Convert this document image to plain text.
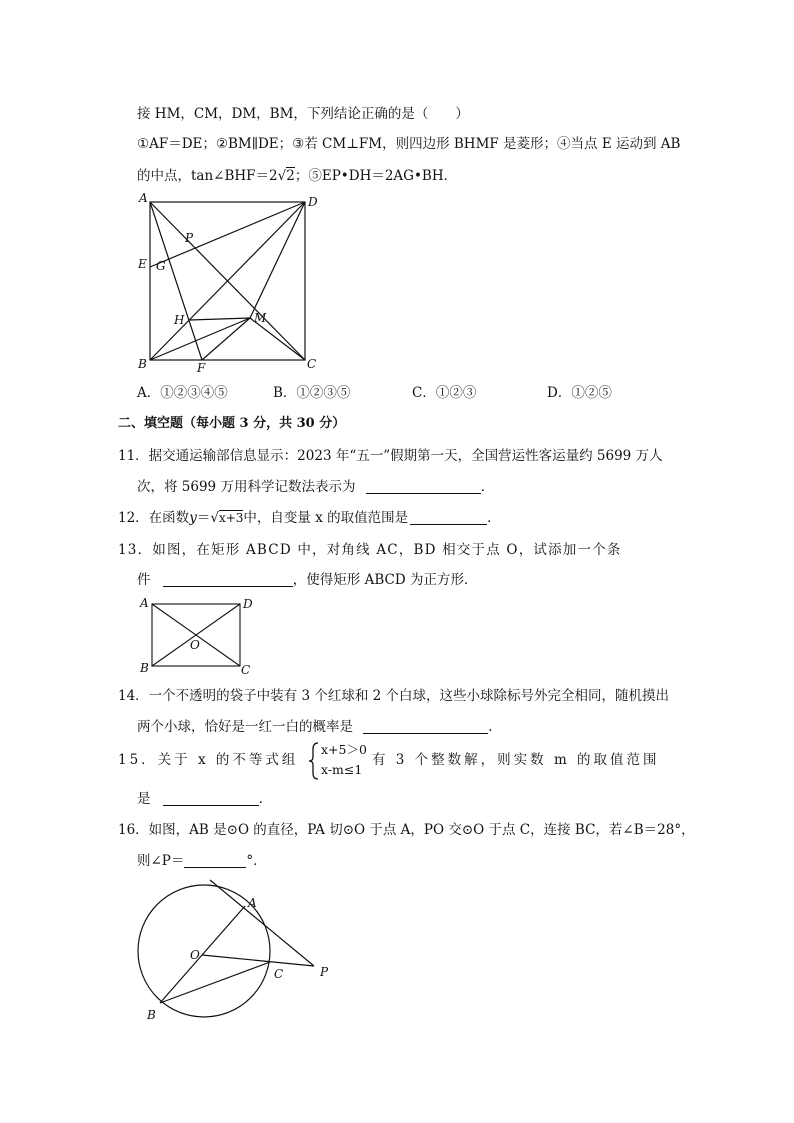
接 HM，CM，DM，BM，下列结论正确的是（　　）
①AF＝DE；②BM∥DE；③若 CM⊥FM，则四边形 BHMF 是菱形；④当点 E 运动到 AB
的中点，tan∠BHF＝2√2；⑤EP•DH＝2AG•BH．
A	D
P
E G
H	M
B	F	C
A．①②③④⑤	B．①②③⑤	C．①②③	D．①②⑤
二、填空题（每小题 3 分，共 30 分）
11．据交通运输部信息显示：2023 年“五一”假期第一天，全国营运性客运量约 5699 万人
次，将 5699 万用科学记数法表示为	．
12．在函数y＝√x+3中，自变量 x 的取值范围是	．
13．如图，在矩形 ABCD 中，对角线 AC，BD 相交于点 O，试添加一个条
件	，使得矩形 ABCD 为正方形．
A	D
O
B	C
14．一个不透明的袋子中装有 3 个红球和 2 个白球，这些小球除标号外完全相同，随机摸出
两个小球，恰好是一红一白的概率是	．
15．关于 x 的不等式组
x+5＞0
x-m≤1
有 3 个整数解，则实数 m 的取值范围
是	．
16．如图，AB 是⊙O 的直径，PA 切⊙O 于点 A，PO 交⊙O 于点 C，连接 BC，若∠B＝28°，
则∠P＝	°．
A
O
C	P
B
